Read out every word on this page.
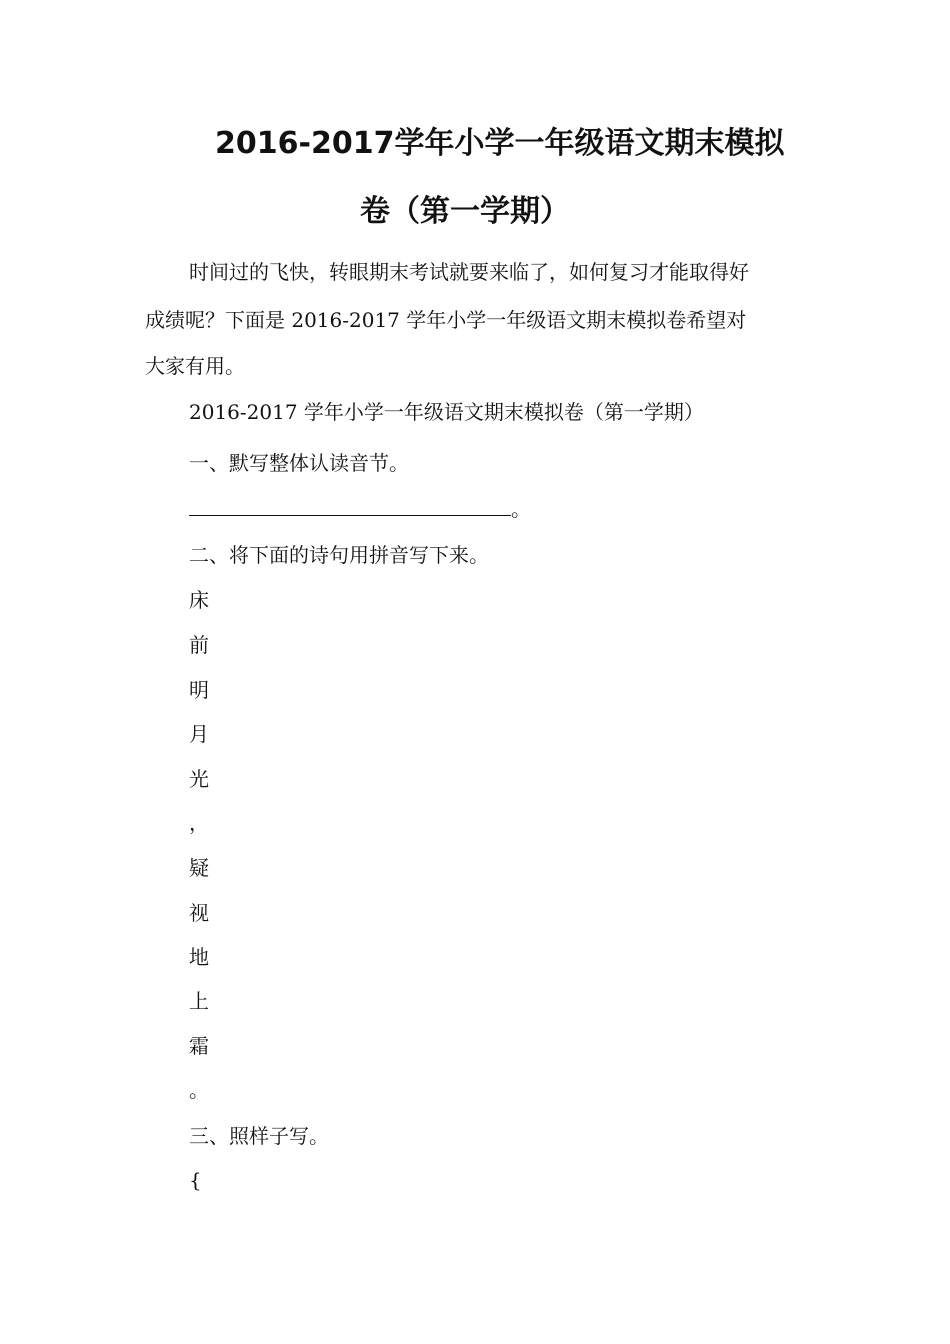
2016-2017学年小学一年级语文期末模拟
卷（第一学期）
时间过的飞快，转眼期末考试就要来临了，如何复习才能取得好
成绩呢？下面是 2016-2017 学年小学一年级语文期末模拟卷希望对
大家有用。
2016-2017 学年小学一年级语文期末模拟卷（第一学期）
一、默写整体认读音节。
。
二、将下面的诗句用拼音写下来。
床
前
明
月
光
，
疑
视
地
上
霜
。
三、照样子写。
{
